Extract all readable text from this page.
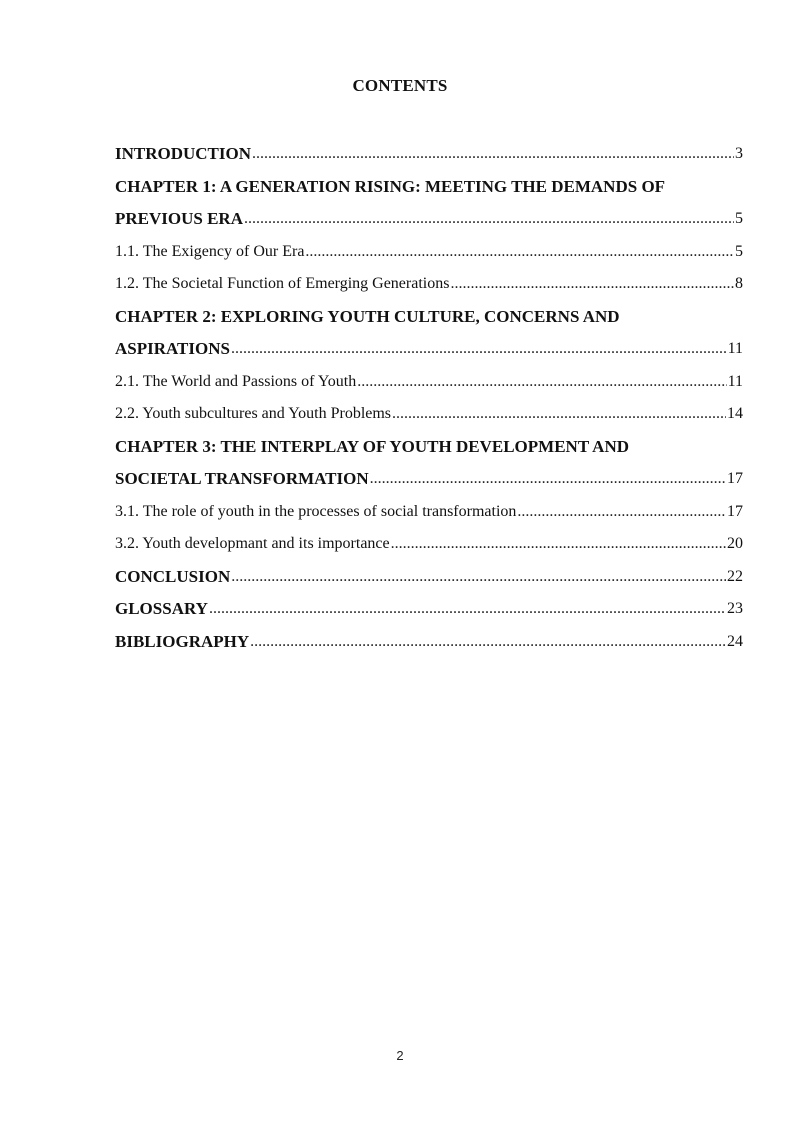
CONTENTS
INTRODUCTION .....	3
CHAPTER 1: A GENERATION RISING: MEETING THE DEMANDS OF
PREVIOUS ERA .....	5
1.1. The Exigency of Our Era .....	5
1.2. The Societal Function of Emerging Generations .....	8
CHAPTER 2: EXPLORING YOUTH CULTURE, CONCERNS AND
ASPIRATIONS .....	11
2.1. The World and Passions of Youth .....	11
2.2. Youth subcultures and Youth Problems .....	14
CHAPTER 3: THE INTERPLAY OF YOUTH DEVELOPMENT AND
SOCIETAL TRANSFORMATION .....	17
3.1. The role of youth in the processes of social transformation .....	17
3.2. Youth developmant and its importance .....	20
CONCLUSION .....	22
GLOSSARY .....	23
BIBLIOGRAPHY .....	24
2
